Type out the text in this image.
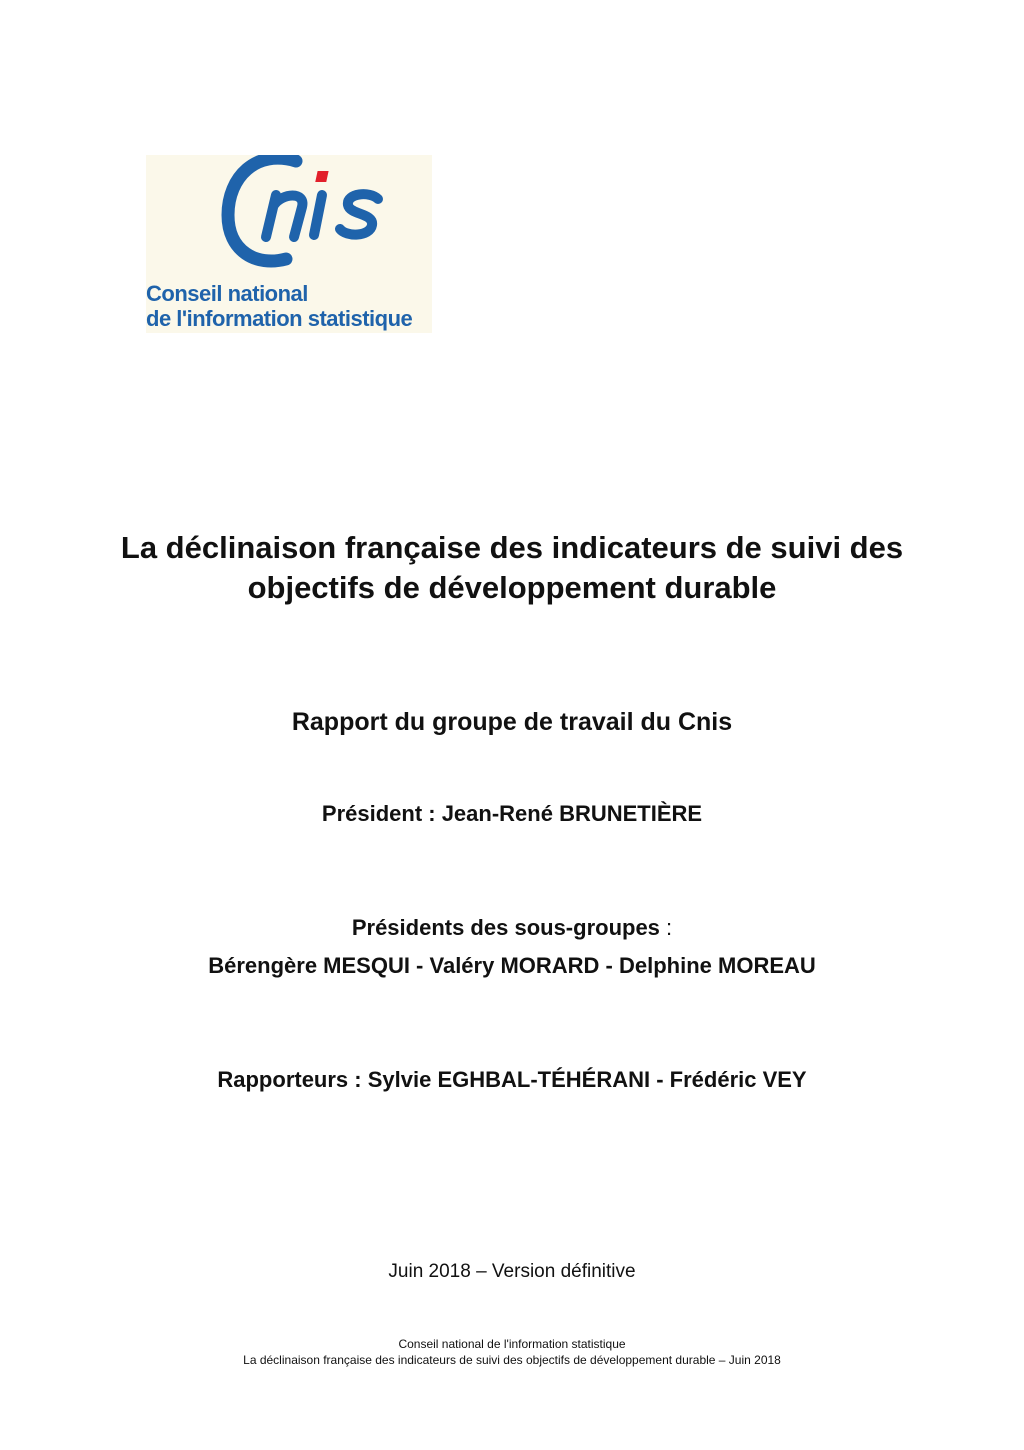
Conseil national
de l'information statistique
La déclinaison française des indicateurs de suivi des objectifs de développement durable
Rapport du groupe de travail du Cnis
Président : Jean-René BRUNETIÈRE
Présidents des sous-groupes :
Bérengère MESQUI - Valéry MORARD - Delphine MOREAU
Rapporteurs : Sylvie EGHBAL-TÉHÉRANI - Frédéric VEY
Juin 2018 – Version définitive
Conseil national de l'information statistique
La déclinaison française des indicateurs de suivi des objectifs de développement durable – Juin 2018
